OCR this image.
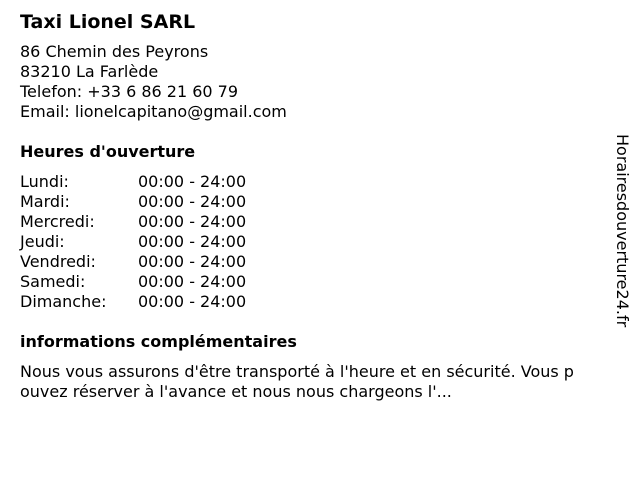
Taxi Lionel SARL
86 Chemin des Peyrons
83210 La Farlède
Telefon: +33 6 86 21 60 79
Email: lionelcapitano@gmail.com
Heures d'ouverture
Lundi:	00:00 - 24:00
Mardi:	00:00 - 24:00
Mercredi:	00:00 - 24:00
Jeudi:	00:00 - 24:00
Vendredi:	00:00 - 24:00
Samedi:	00:00 - 24:00
Dimanche:	00:00 - 24:00
informations complémentaires
Nous vous assurons d'être transporté à l'heure et en sécurité. Vous pouvez réserver à l'avance et nous nous chargeons l'...
Horairesdouverture24.fr
